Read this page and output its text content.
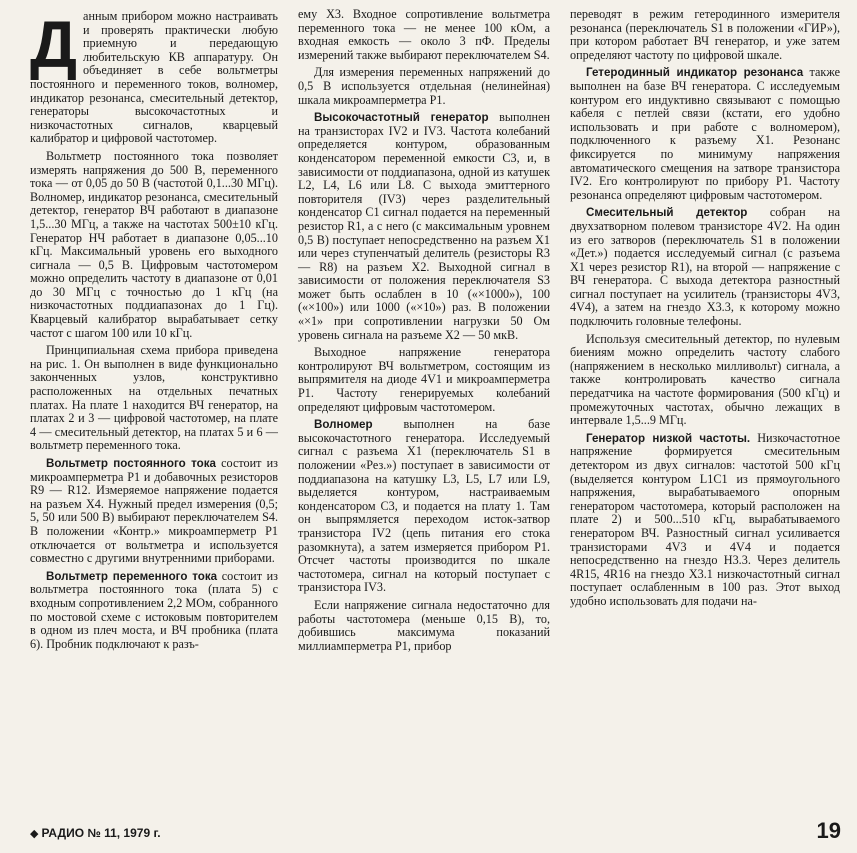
Данным прибором можно настраивать и проверять практически любую приемную и передающую любительскую КВ аппаратуру. Он объединяет в себе вольтметры постоянного и переменного токов, волномер, индикатор резонанса, смесительный детектор, генераторы высокочастотных и низкочастотных сигналов, кварцевый калибратор и цифровой частотомер.

Вольтметр постоянного тока позволяет измерять напряжения до 500 В, переменного тока — от 0,05 до 50 В (частотой 0,1...30 МГц). Волномер, индикатор резонанса, смесительный детектор, генератор ВЧ работают в диапазоне 1,5...30 МГц, а также на частотах 500±10 кГц. Генератор НЧ работает в диапазоне 0,05...10 кГц. Максимальный уровень его выходного сигнала — 0,5 В. Цифровым частотомером можно определить частоту в диапазоне от 0,01 до 30 МГц с точностью до 1 кГц (на низкочастотных поддиапазонах до 1 Гц). Кварцевый калибратор вырабатывает сетку частот с шагом 100 или 10 кГц.

Принципиальная схема прибора приведена на рис. 1. Он выполнен в виде функционально законченных узлов, конструктивно расположенных на отдельных печатных платах. На плате 1 находится ВЧ генератор, на платах 2 и 3 — цифровой частотомер, на плате 4 — смесительный детектор, на платах 5 и 6 — вольтметр переменного тока.

Вольтметр постоянного тока состоит из микроамперметра P1 и добавочных резисторов R9 — R12. Измеряемое напряжение подается на разъем X4. Нужный предел измерения (0,5; 5, 50 или 500 В) выбирают переключателем S4. В положении «Контр.» микроамперметр P1 отключается от вольтметра и используется совместно с другими внутренними приборами.

Вольтметр переменного тока состоит из вольтметра постоянного тока (плата 5) с входным сопротивлением 2,2 МОм, собранного по мостовой схеме с истоковым повторителем в одном из плеч моста, и ВЧ пробника (плата 6). Пробник подключают к разъ-

ему X3. Входное сопротивление вольтметра переменного тока — не менее 100 кОм, а входная емкость — около 3 пФ. Пределы измерений также выбирают переключателем S4.

Для измерения переменных напряжений до 0,5 В используется отдельная (нелинейная) шкала микроамперметра P1.

Высокочастотный генератор выполнен на транзисторах IV2 и IV3. Частота колебаний определяется контуром, образованным конденсатором переменной емкости C3, и, в зависимости от поддиапазона, одной из катушек L2, L4, L6 или L8. С выхода эмиттерного повторителя (IV3) через разделительный конденсатор C1 сигнал подается на переменный резистор R1, а с него (с максимальным уровнем 0,5 В) поступает непосредственно на разъем X1 или через ступенчатый делитель (резисторы R3 — R8) на разъем X2. Выходной сигнал в зависимости от положения переключателя S3 может быть ослаблен в 10 («×1000»), 100 («×100») или 1000 («×10») раз. В положении «×1» при сопротивлении нагрузки 50 Ом уровень сигнала на разъеме X2 — 50 мкВ.

Выходное напряжение генератора контролируют ВЧ вольтметром, состоящим из выпрямителя на диоде 4V1 и микроамперметра P1. Частоту генерируемых колебаний определяют цифровым частотомером.

Волномер выполнен на базе высокочастотного генератора. Исследуемый сигнал с разъема X1 (переключатель S1 в положении «Рез.») поступает в зависимости от поддиапазона на катушку L3, L5, L7 или L9, выделяется контуром, настраиваемым конденсатором C3, и подается на плату 1. Там он выпрямляется переходом исток-затвор транзистора IV2 (цепь питания его стока разомкнута), а затем измеряется прибором P1. Отсчет частоты производится по шкале частотомера, сигнал на который поступает с транзистора IV3.

Если напряжение сигнала недостаточно для работы частотомера (меньше 0,15 В), то, добившись максимума показаний миллиамперметра P1, прибор

переводят в режим гетеродинного измерителя резонанса (переключатель S1 в положении «ГИР»), при котором работает ВЧ генератор, и уже затем определяют частоту по цифровой шкале.

Гетеродинный индикатор резонанса также выполнен на базе ВЧ генератора. С исследуемым контуром его индуктивно связывают с помощью кабеля с петлей связи (кстати, его удобно использовать и при работе с волномером), подключенного к разъему X1. Резонанс фиксируется по минимуму напряжения автоматического смещения на затворе транзистора IV2. Его контролируют по прибору P1. Частоту резонанса определяют цифровым частотомером.

Смесительный детектор собран на двухзатворном полевом транзисторе 4V2. На один из его затворов (переключатель S1 в положении «Дет.») подается исследуемый сигнал (с разъема X1 через резистор R1), на второй — напряжение с ВЧ генератора. С выхода детектора разностный сигнал поступает на усилитель (транзисторы 4V3, 4V4), а затем на гнездо X3.3, к которому можно подключить головные телефоны.

Используя смесительный детектор, по нулевым биениям можно определить частоту слабого (напряжением в несколько милливольт) сигнала, а также контролировать качество сигнала передатчика на частоте формирования (500 кГц) и промежуточных частотах, обычно лежащих в интервале 1,5...9 МГц.

Генератор низкой частоты. Низкочастотное напряжение формируется смесительным детектором из двух сигналов: частотой 500 кГц (выделяется контуром L1C1 из прямоугольного напряжения, вырабатываемого опорным генератором частотомера, который расположен на плате 2) и 500...510 кГц, вырабатываемого генератором ВЧ. Разностный сигнал усиливается транзисторами 4V3 и 4V4 и подается непосредственно на гнездо H3.3. Через делитель 4R15, 4R16 на гнездо X3.1 низкочастотный сигнал поступает ослабленным в 100 раз. Этот выход удобно использовать для подачи на-

◆ РАДИО № 11, 1979 г.	19
